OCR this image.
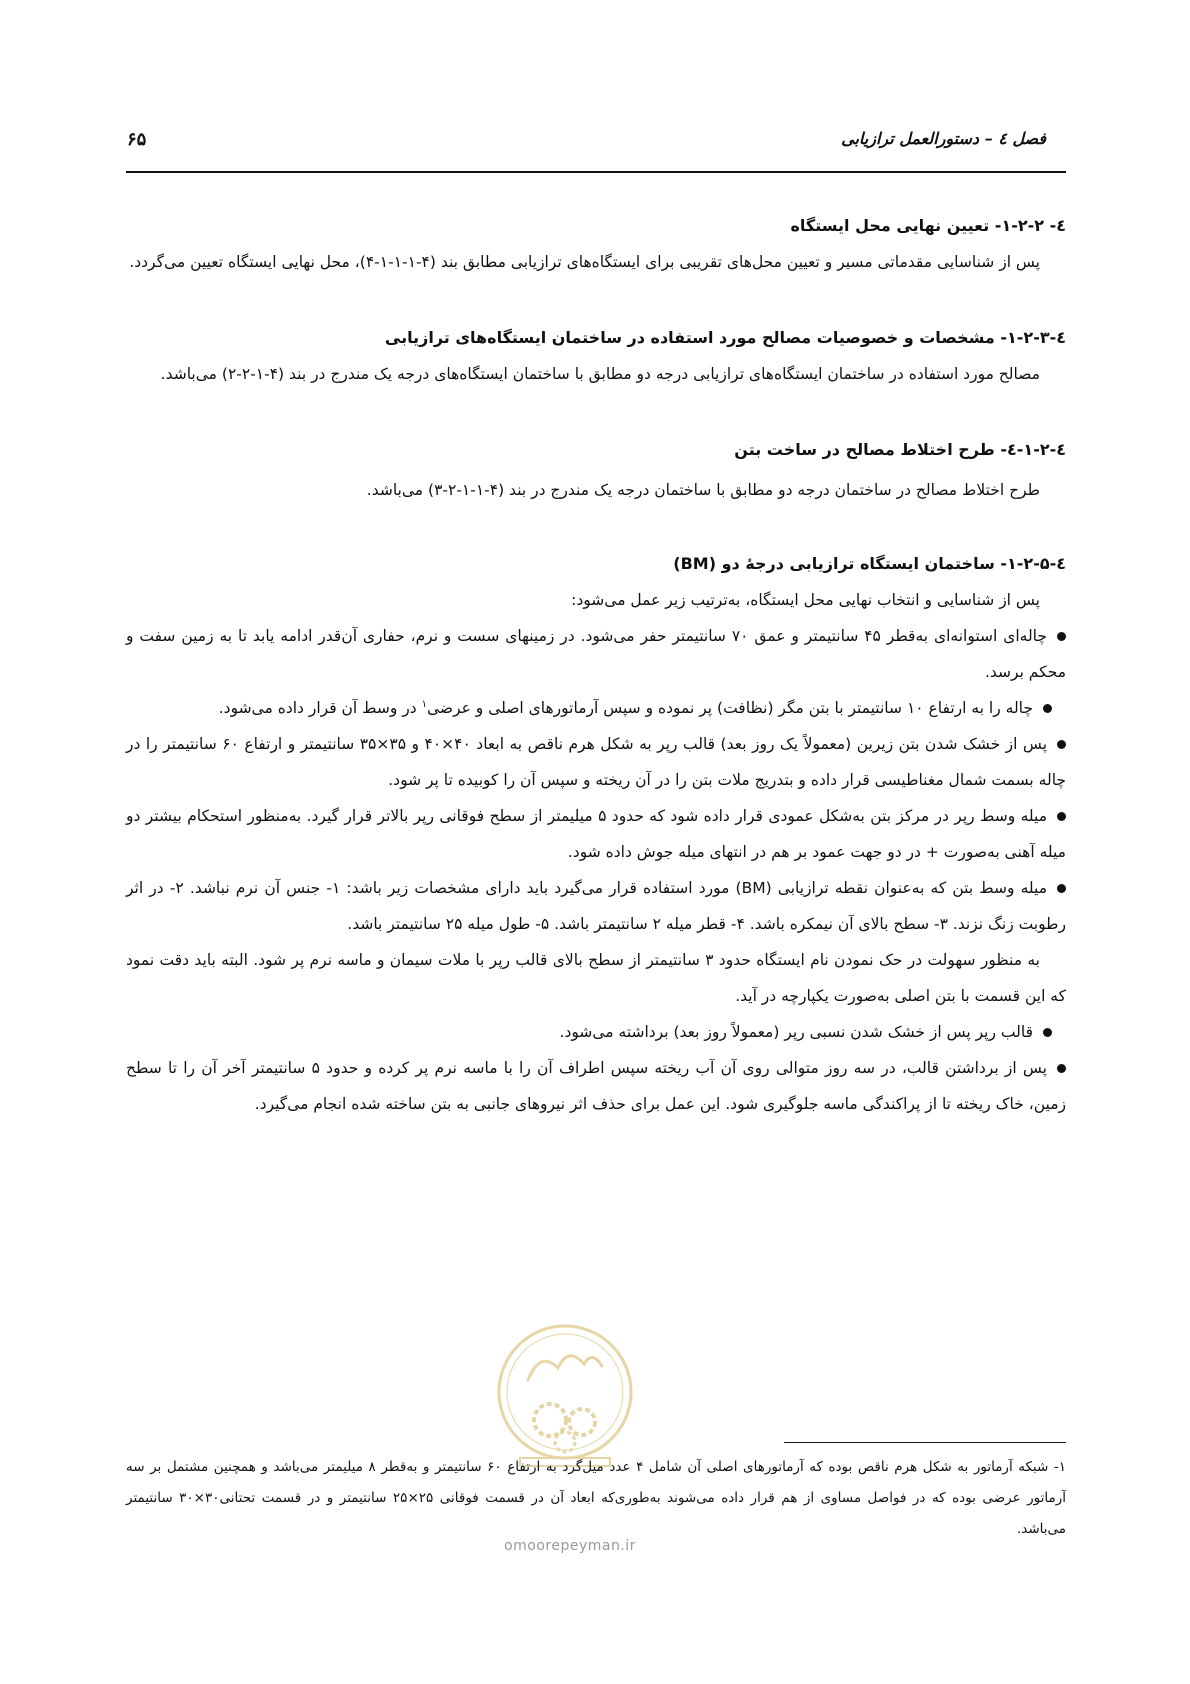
فصل ٤ – دستورالعمل ترازیابی
۶۵
٤- ۱-۲-۲- تعیین نهایی محل ایستگاه

پس از شناسایی مقدماتی مسیر و تعیین محل‌های تقریبی برای ایستگاه‌های ترازیابی مطابق بند (۴-۱-۱-۱-۴)، محل نهایی ایستگاه تعیین می‌گردد.

٤-۱-۲-۳- مشخصات و خصوصیات مصالح مورد استفاده در ساختمان ایستگاه‌های ترازیابی

مصالح مورد استفاده در ساختمان ایستگاه‌های ترازیابی درجه دو مطابق با ساختمان ایستگاه‌های درجه یک مندرج در بند (۴-۱-۲-۲) می‌باشد.

٤-۱-۲-٤- طرح اختلاط مصالح در ساخت بتن

طرح اختلاط مصالح در ساختمان درجه دو مطابق با ساختمان درجه یک مندرج در بند (۴-۱-۱-۲-۳) می‌باشد.

٤-۱-۲-۵- ساختمان ایستگاه ترازیابی درجهٔ دو (BM)

پس از شناسایی و انتخاب نهایی محل ایستگاه، به‌ترتیب زیر عمل می‌شود:

چاله‌ای استوانه‌ای به‌قطر ۴۵ سانتیمتر و عمق ۷۰ سانتیمتر حفر می‌شود. در زمینهای سست و نرم، حفاری آن‌قدر ادامه یابد تا به زمین سفت و محکم برسد.

چاله را به ارتفاع ۱۰ سانتیمتر با بتن مگر (نظافت) پر نموده و سپس آرماتورهای اصلی و عرضی$^۱$ در وسط آن قرار داده می‌شود.

پس از خشک شدن بتن زیرین (معمولاً یک روز بعد) قالب رپر به شکل هرم ناقص به ابعاد ۴۰×۴۰ و ۳۵×۳۵ سانتیمتر و ارتفاع ۶۰ سانتیمتر را در چاله بسمت شمال مغناطیسی قرار داده و بتدریج ملات بتن را در آن ریخته و سپس آن را کوبیده تا پر شود.

میله وسط رپر در مرکز بتن به‌شکل عمودی قرار داده شود که حدود ۵ میلیمتر از سطح فوقانی رپر بالاتر قرار گیرد. به‌منظور استحکام بیشتر دو میله آهنی به‌صورت + در دو جهت عمود بر هم در انتهای میله جوش داده شود.

میله وسط بتن که به‌عنوان نقطه ترازیابی (BM) مورد استفاده قرار می‌گیرد باید دارای مشخصات زیر باشد: ۱- جنس آن نرم نباشد. ۲- در اثر رطوبت زنگ نزند. ۳- سطح بالای آن نیمکره باشد. ۴- قطر میله ۲ سانتیمتر باشد. ۵- طول میله ۲۵ سانتیمتر باشد.

به منظور سهولت در حک نمودن نام ایستگاه حدود ۳ سانتیمتر از سطح بالای قالب رپر با ملات سیمان و ماسه نرم پر شود. البته باید دقت نمود که این قسمت با بتن اصلی به‌صورت یکپارچه در آید.

قالب رپر پس از خشک شدن نسبی رپر (معمولاً روز بعد) برداشته می‌شود.

پس از برداشتن قالب، در سه روز متوالی روی آن آب ریخته سپس اطراف آن را با ماسه نرم پر کرده و حدود ۵ سانتیمتر آخر آن را تا سطح زمین، خاک ریخته تا از پراکندگی ماسه جلوگیری شود. این عمل برای حذف اثر نیروهای جانبی به بتن ساخته شده انجام می‌گیرد.

۱- شبکه آرماتور به شکل هرم ناقص بوده که آرماتورهای اصلی آن شامل ۴ عدد میل‌گرد به ارتفاع ۶۰ سانتیمتر و به‌قطر ۸ میلیمتر می‌باشد و همچنین مشتمل بر سه آرماتور عرضی بوده که در فواصل مساوی از هم قرار داده می‌شوند به‌طوری‌که ابعاد آن در قسمت فوقانی ۲۵×۲۵ سانتیمتر و در قسمت تحتانی۳۰×۳۰ سانتیمتر می‌باشد.
omoorepeyman.ir
